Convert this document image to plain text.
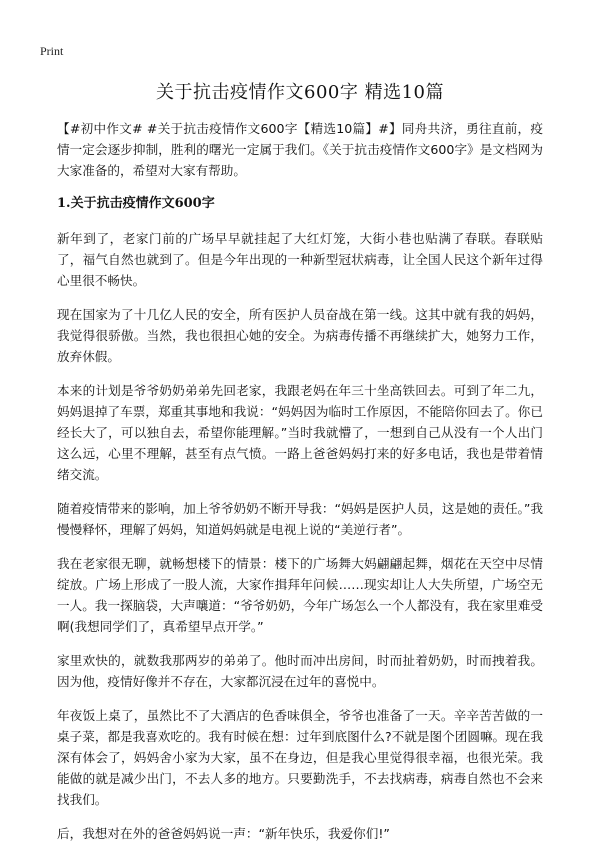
Print
关于抗击疫情作文600字 精选10篇

【#初中作文# #关于抗击疫情作文600字【精选10篇】#】同舟共济，勇往直前，疫情一定会逐步抑制，胜利的曙光一定属于我们。《关于抗击疫情作文600字》是文档网为大家准备的，希望对大家有帮助。

1.关于抗击疫情作文600字

新年到了，老家门前的广场早早就挂起了大红灯笼，大街小巷也贴满了春联。春联贴了，福气自然也就到了。但是今年出现的一种新型冠状病毒，让全国人民这个新年过得心里很不畅快。

现在国家为了十几亿人民的安全，所有医护人员奋战在第一线。这其中就有我的妈妈，我觉得很骄傲。当然，我也很担心她的安全。为病毒传播不再继续扩大，她努力工作，放弃休假。

本来的计划是爷爷奶奶弟弟先回老家，我跟老妈在年三十坐高铁回去。可到了年二九，妈妈退掉了车票，郑重其事地和我说：“妈妈因为临时工作原因，不能陪你回去了。你已经长大了，可以独自去，希望你能理解。”当时我就懵了，一想到自己从没有一个人出门这么远，心里不理解，甚至有点气愤。一路上爸爸妈妈打来的好多电话，我也是带着情绪交流。

随着疫情带来的影响，加上爷爷奶奶不断开导我：“妈妈是医护人员，这是她的责任。”我慢慢释怀，理解了妈妈，知道妈妈就是电视上说的“美逆行者”。

我在老家很无聊，就畅想楼下的情景：楼下的广场舞大妈翩翩起舞，烟花在天空中尽情绽放。广场上形成了一股人流，大家作揖拜年问候……现实却让人大失所望，广场空无一人。我一探脑袋，大声嚷道：“爷爷奶奶，今年广场怎么一个人都没有，我在家里难受啊(我想同学们了，真希望早点开学。”

家里欢快的，就数我那两岁的弟弟了。他时而冲出房间，时而扯着奶奶，时而拽着我。因为他，疫情好像并不存在，大家都沉浸在过年的喜悦中。

年夜饭上桌了，虽然比不了大酒店的色香味俱全，爷爷也准备了一天。辛辛苦苦做的一桌子菜，都是我喜欢吃的。我有时候在想：过年到底图什么?不就是图个团圆嘛。现在我深有体会了，妈妈舍小家为大家，虽不在身边，但是我心里觉得很幸福，也很光荣。我能做的就是减少出门，不去人多的地方。只要勤洗手，不去找病毒，病毒自然也不会来找我们。

后，我想对在外的爸爸妈妈说一声：“新年快乐，我爱你们!”
